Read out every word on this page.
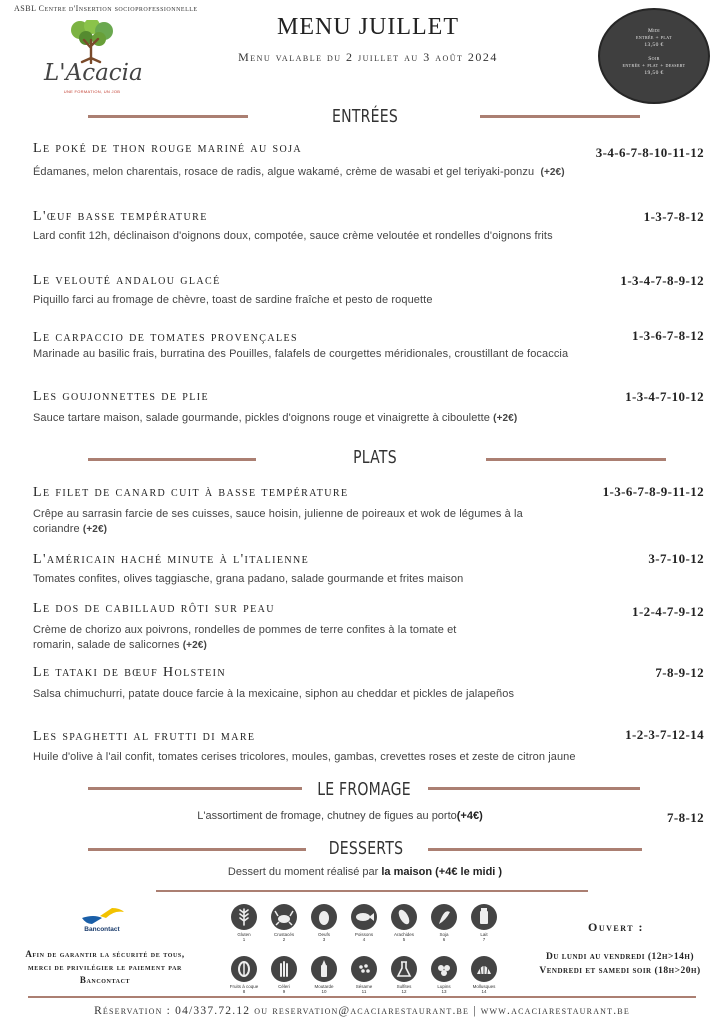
ASBL Centre d'Insertion socioprofessionnelle
L'Acacia
UNE FORMATION, UN JOB
MENU JUILLET
Menu valable du 2 juillet au 3 août 2024
Midi
entrée + plat
13,50 €
Soir
entrée + plat + dessert
19,50 €
ENTRÉES
Le poké de thon rouge mariné au soja	3-4-6-7-8-10-11-12
Édamanes, melon charentais, rosace de radis, algue wakamé, crème de wasabi et gel teriyaki-ponzu (+2€)
L'œuf basse température	1-3-7-8-12
Lard confit 12h, déclinaison d'oignons doux, compotée, sauce crème veloutée et rondelles d'oignons frits
Le velouté andalou glacé	1-3-4-7-8-9-12
Piquillo farci au fromage de chèvre, toast de sardine fraîche et pesto de roquette
Le carpaccio de tomates provençales	1-3-6-7-8-12
Marinade au basilic frais, burratina des Pouilles, falafels de courgettes méridionales, croustillant de focaccia
Les goujonnettes de plie	1-3-4-7-10-12
Sauce tartare maison, salade gourmande, pickles d'oignons rouge et vinaigrette à ciboulette (+2€)
PLATS
Le filet de canard cuit à basse température	1-3-6-7-8-9-11-12
Crêpe au sarrasin farcie de ses cuisses, sauce hoisin, julienne de poireaux et wok de légumes à la coriandre (+2€)
L'américain haché minute à l'italienne	3-7-10-12
Tomates confites, olives taggiasche, grana padano, salade gourmande et frites maison
Le dos de cabillaud rôti sur peau	1-2-4-7-9-12
Crème de chorizo aux poivrons, rondelles de pommes de terre confites à la tomate et romarin, salade de salicornes (+2€)
Le tataki de bœuf Holstein	7-8-9-12
Salsa chimuchurri, patate douce farcie à la mexicaine, siphon au cheddar et pickles de jalapeños
Les spaghetti al frutti di mare	1-2-3-7-12-14
Huile d'olive à l'ail confit, tomates cerises tricolores, moules, gambas, crevettes roses et zeste de citron jaune
LE FROMAGE
L'assortiment de fromage, chutney de figues au porto(+4€)	7-8-12
DESSERTS
Dessert du moment réalisé par la maison (+4€ le midi )
Bancontact
Afin de garantir la sécurité de tous, merci de privilégier le paiement par Bancontact
Gluten
1
Crustacés
2
Oeufs
3
Poissons
4
Arachides
5
Soja
6
Lait
7
Fruits à coque
8
Céleri
9
Moutarde
10
Sésame
11
Sulfites
12
Lupins
13
Mollusques
14
Ouvert :
Du lundi au vendredi (12h>14h)
Vendredi et samedi soir (18h>20h)
Réservation : 04/337.72.12 ou reservation@acaciarestaurant.be | www.acaciarestaurant.be
